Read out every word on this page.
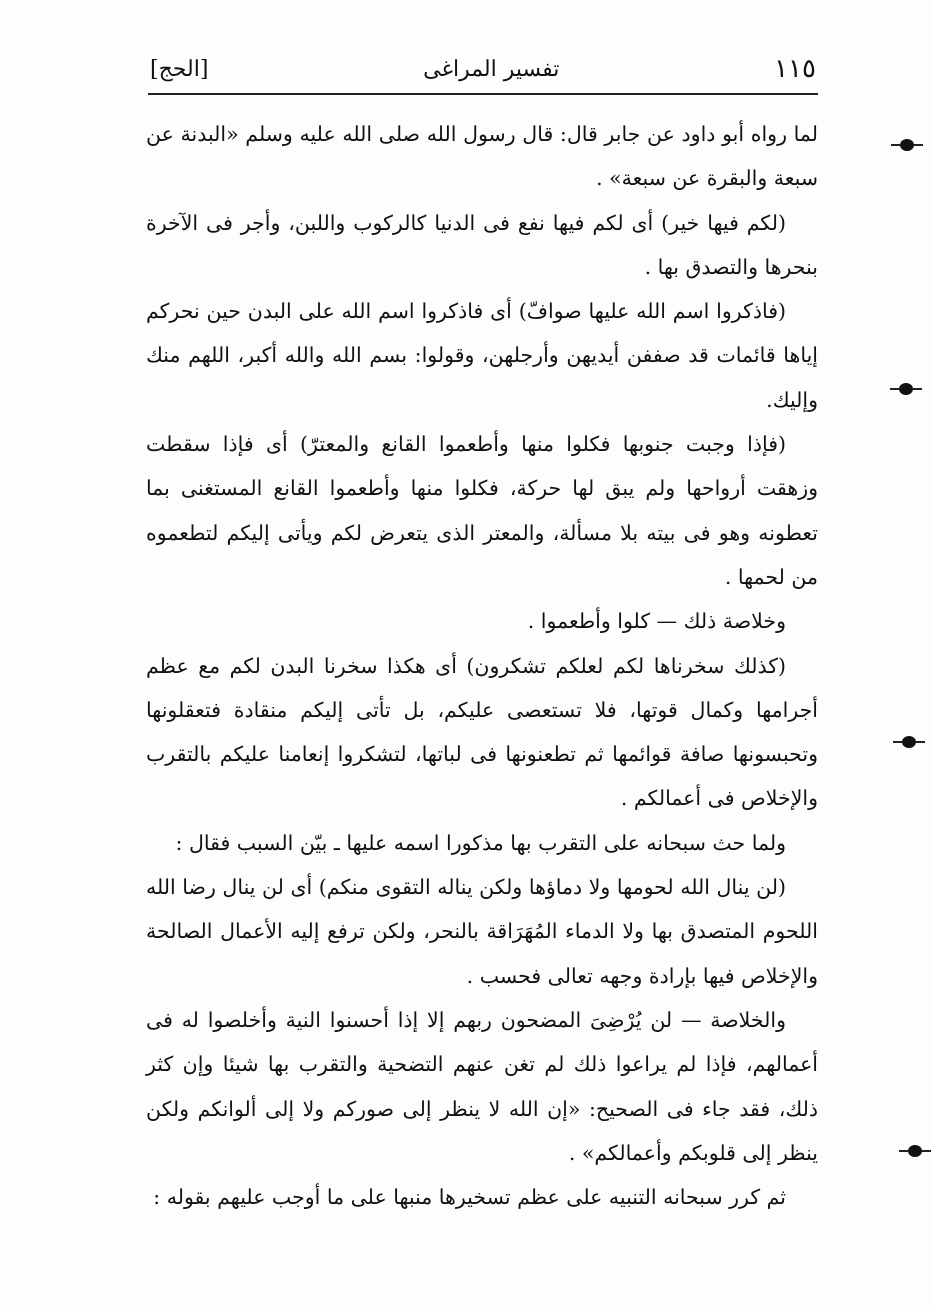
[الحج]	تفسير المراغى	١١٥

لما رواه أبو داود عن جابر قال: قال رسول الله صلى الله عليه وسلم «البدنة عن سبعة والبقرة عن سبعة» .

(لكم فيها خير) أى لكم فيها نفع فى الدنيا كالركوب واللبن، وأجر فى الآخرة بنحرها والتصدق بها .

(فاذكروا اسم الله عليها صوافّ) أى فاذكروا اسم الله على البدن حين نحركم إياها قائمات قد صففن أيديهن وأرجلهن، وقولوا: بسم الله والله أكبر، اللهم منك وإليك.

(فإذا وجبت جنوبها فكلوا منها وأطعموا القانع والمعترّ) أى فإذا سقطت وزهقت أرواحها ولم يبق لها حركة، فكلوا منها وأطعموا القانع المستغنى بما تعطونه وهو فى بيته بلا مسألة، والمعتر الذى يتعرض لكم ويأتى إليكم لتطعموه من لحمها .

وخلاصة ذلك — كلوا وأطعموا .

(كذلك سخرناها لكم لعلكم تشكرون) أى هكذا سخرنا البدن لكم مع عظم أجرامها وكمال قوتها، فلا تستعصى عليكم، بل تأتى إليكم منقادة فتعقلونها وتحبسونها صافة قوائمها ثم تطعنونها فى لباتها، لتشكروا إنعامنا عليكم بالتقرب والإخلاص فى أعمالكم .

ولما حث سبحانه على التقرب بها مذكورا اسمه عليها ـ بيّن السبب فقال :

(لن ينال الله لحومها ولا دماؤها ولكن يناله التقوى منكم) أى لن ينال رضا الله اللحوم المتصدق بها ولا الدماء المُهَرَاقة بالنحر، ولكن ترفع إليه الأعمال الصالحة والإخلاص فيها بإرادة وجهه تعالى فحسب .

والخلاصة — لن يُرْضِىَ المضحون ربهم إلا إذا أحسنوا النية وأخلصوا له فى أعمالهم، فإذا لم يراعوا ذلك لم تغن عنهم التضحية والتقرب بها شيئا وإن كثر ذلك، فقد جاء فى الصحيح: «إن الله لا ينظر إلى صوركم ولا إلى ألوانكم ولكن ينظر إلى قلوبكم وأعمالكم» .

ثم كرر سبحانه التنبيه على عظم تسخيرها منبها على ما أوجب عليهم بقوله :
